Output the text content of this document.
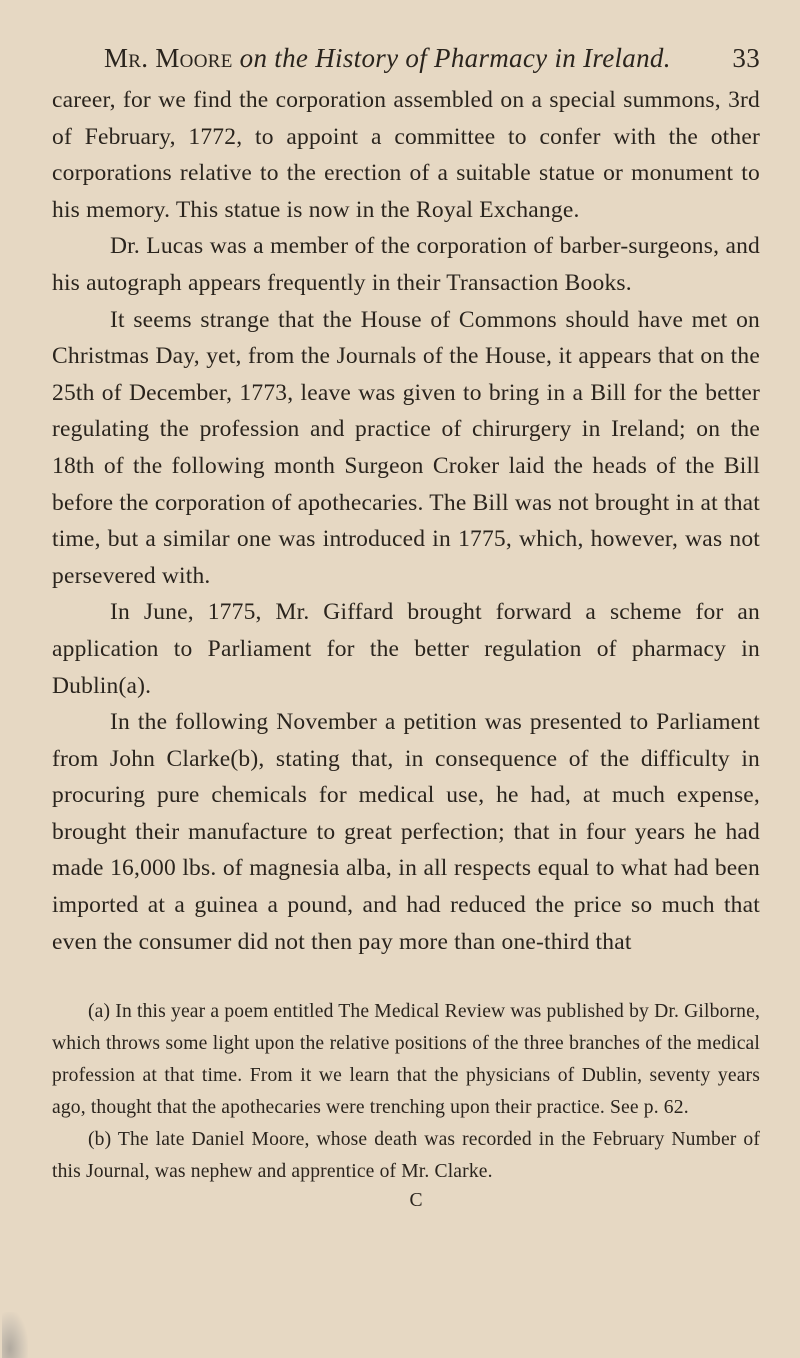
Mr. Moore on the History of Pharmacy in Ireland. 33

career, for we find the corporation assembled on a special summons, 3rd of February, 1772, to appoint a committee to confer with the other corporations relative to the erection of a suitable statue or monument to his memory. This statue is now in the Royal Exchange.

Dr. Lucas was a member of the corporation of barber-surgeons, and his autograph appears frequently in their Transaction Books.

It seems strange that the House of Commons should have met on Christmas Day, yet, from the Journals of the House, it appears that on the 25th of December, 1773, leave was given to bring in a Bill for the better regulating the profession and practice of chirurgery in Ireland; on the 18th of the following month Surgeon Croker laid the heads of the Bill before the corporation of apothecaries. The Bill was not brought in at that time, but a similar one was introduced in 1775, which, however, was not persevered with.

In June, 1775, Mr. Giffard brought forward a scheme for an application to Parliament for the better regulation of pharmacy in Dublin(a).

In the following November a petition was presented to Parliament from John Clarke(b), stating that, in consequence of the difficulty in procuring pure chemicals for medical use, he had, at much expense, brought their manufacture to great perfection; that in four years he had made 16,000 lbs. of magnesia alba, in all respects equal to what had been imported at a guinea a pound, and had reduced the price so much that even the consumer did not then pay more than one-third that

(a) In this year a poem entitled The Medical Review was published by Dr. Gilborne, which throws some light upon the relative positions of the three branches of the medical profession at that time. From it we learn that the physicians of Dublin, seventy years ago, thought that the apothecaries were trenching upon their practice. See p. 62.

(b) The late Daniel Moore, whose death was recorded in the February Number of this Journal, was nephew and apprentice of Mr. Clarke.

C
